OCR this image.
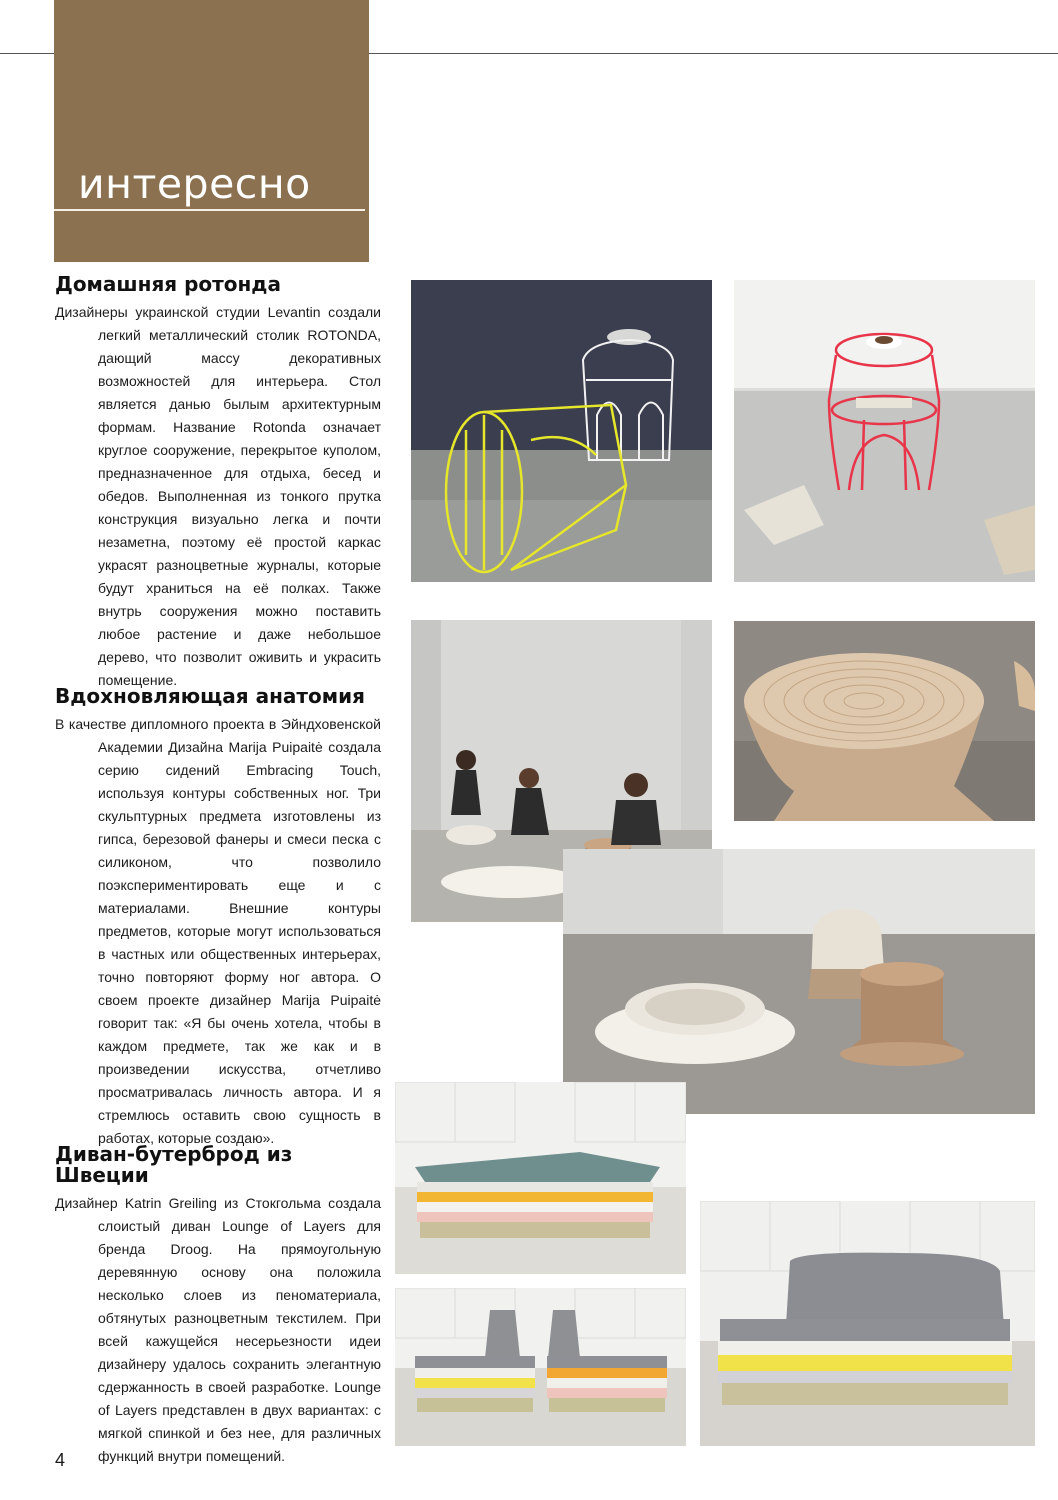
интересно
Домашняя ротонда

Дизайнеры украинской студии Levantin создали легкий металлический столик ROTONDA, дающий массу декоративных возможностей для интерьера. Стол является данью былым архитектурным формам. Название Rotonda означает круглое сооружение, перекрытое куполом, предназначенное для отдыха, бесед и обедов. Выполненная из тонкого прутка конструкция визуально легка и почти незаметна, поэтому её простой каркас украсят разноцветные журналы, которые будут храниться на её полках. Также внутрь сооружения можно поставить любое растение и даже небольшое дерево, что позволит оживить и украсить помещение.

Вдохновляющая анатомия

В качестве дипломного проекта в Эйндховенской Академии Дизайна Marija Puipaitė создала серию сидений Embracing Touch, используя контуры собственных ног. Три скульптурных предмета изготовлены из гипса, березовой фанеры и смеси песка с силиконом, что позволило поэкспериментировать еще и с материалами. Внешние контуры предметов, которые могут использоваться в частных или общественных интерьерах, точно повторяют форму ног автора. О своем проекте дизайнер Marija Puipaitė говорит так: «Я бы очень хотела, чтобы в каждом предмете, так же как и в произведении искусства, отчетливо просматривалась личность автора. И я стремлюсь оставить свою сущность в работах, которые создаю».

Диван-бутерброд из Швеции

Дизайнер Katrin Greiling из Стокгольма создала слоистый диван Lounge of Layers для бренда Droog. На прямоугольную деревянную основу она положила несколько слоев из пеноматериала, обтянутых разноцветным текстилем. При всей кажущейся несерьезности идеи дизайнеру удалось сохранить элегантную сдержанность в своей разработке. Lounge of Layers представлен в двух вариантах: с мягкой спинкой и без нее, для различных функций внутри помещений.

4
